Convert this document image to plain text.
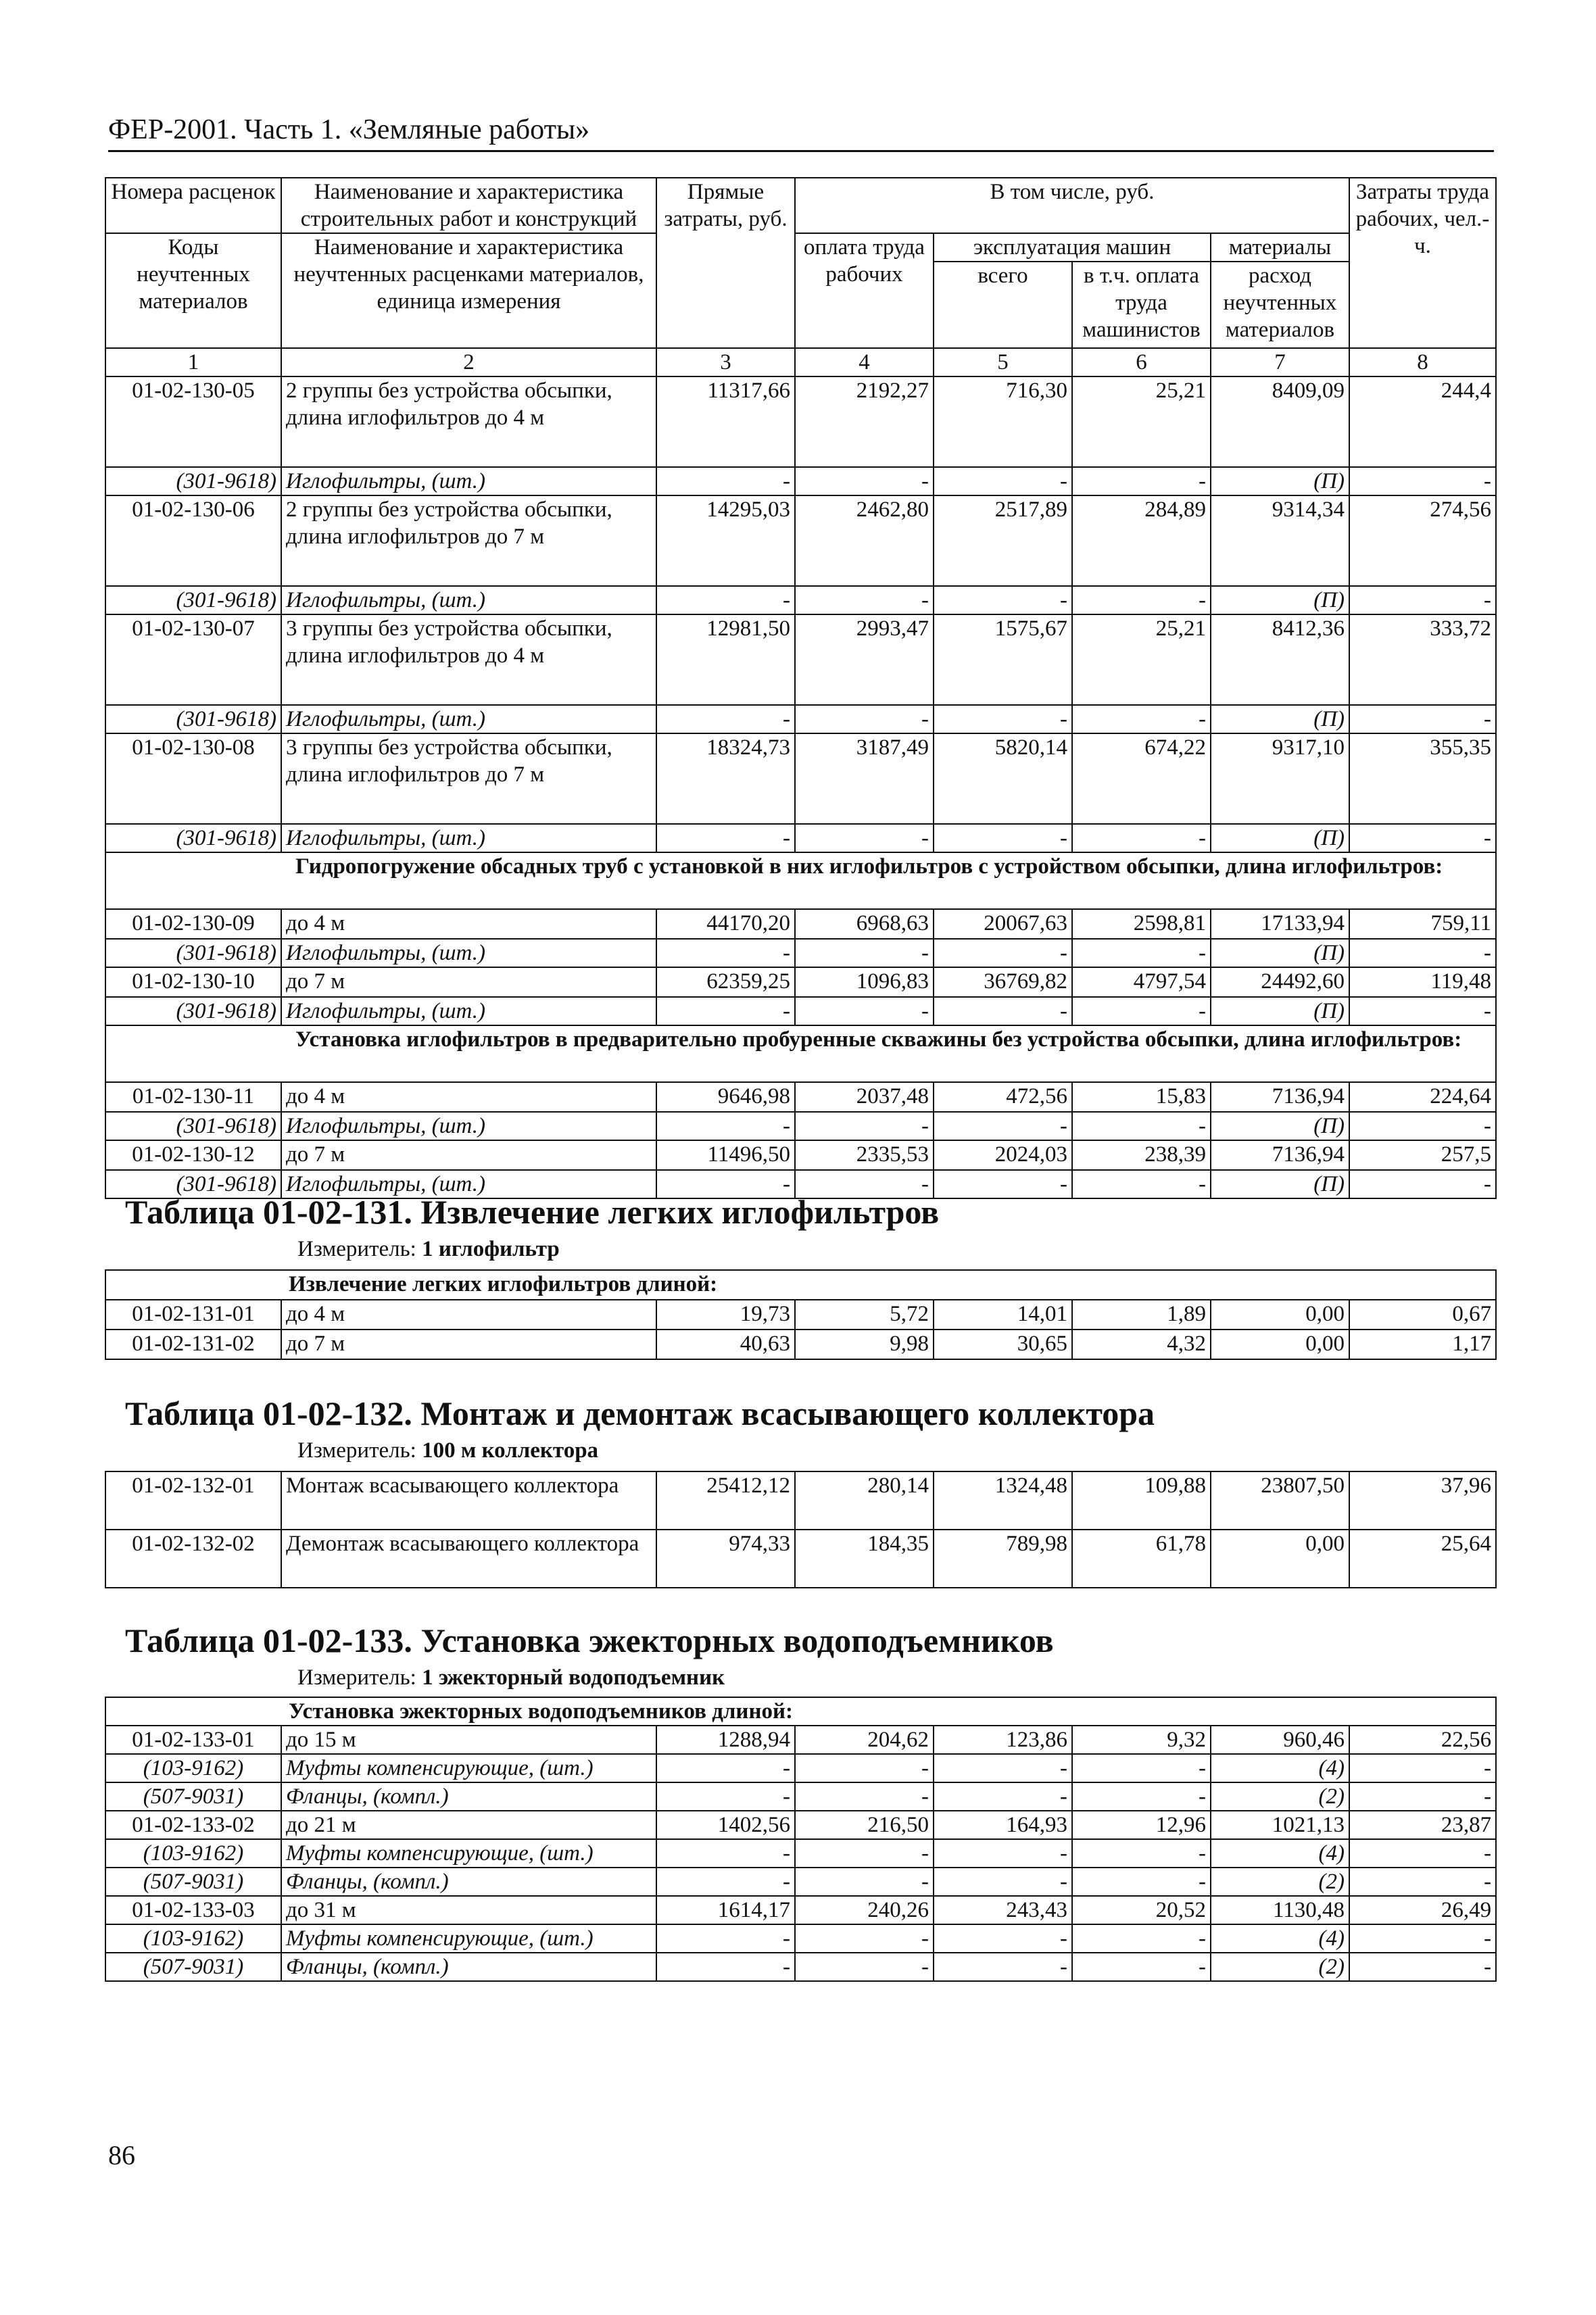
ФЕР-2001. Часть 1. «Земляные работы»
Номера расценок	Наименование и характеристика строительных работ и конструкций	Прямые затраты, руб.	В том числе, руб.				Затраты труда рабочих, чел.-ч.
Коды неучтенных материалов	Наименование и характеристика неучтенных расценками материалов, единица измерения		оплата труда рабочих	эксплуатация машин		материалы	
				всего	в т.ч. оплата труда машинистов	расход неучтенных материалов	
1	2	3	4	5	6	7	8
01-02-130-05	2 группы без устройства обсыпки, длина иглофильтров до 4 м	11317,66	2192,27	716,30	25,21	8409,09	244,4
(301-9618)	Иглофильтры, (шт.)	-	-	-	-	(П)	-
01-02-130-06	2 группы без устройства обсыпки, длина иглофильтров до 7 м	14295,03	2462,80	2517,89	284,89	9314,34	274,56
(301-9618)	Иглофильтры, (шт.)	-	-	-	-	(П)	-
01-02-130-07	3 группы без устройства обсыпки, длина иглофильтров до 4 м	12981,50	2993,47	1575,67	25,21	8412,36	333,72
(301-9618)	Иглофильтры, (шт.)	-	-	-	-	(П)	-
01-02-130-08	3 группы без устройства обсыпки, длина иглофильтров до 7 м	18324,73	3187,49	5820,14	674,22	9317,10	355,35
(301-9618)	Иглофильтры, (шт.)	-	-	-	-	(П)	-
Гидропогружение обсадных труб с установкой в них иглофильтров с устройством обсыпки, длина иглофильтров:							
01-02-130-09	до 4 м	44170,20	6968,63	20067,63	2598,81	17133,94	759,11
(301-9618)	Иглофильтры, (шт.)	-	-	-	-	(П)	-
01-02-130-10	до 7 м	62359,25	1096,83	36769,82	4797,54	24492,60	119,48
(301-9618)	Иглофильтры, (шт.)	-	-	-	-	(П)	-
Установка иглофильтров в предварительно пробуренные скважины без устройства обсыпки, длина иглофильтров:							
01-02-130-11	до 4 м	9646,98	2037,48	472,56	15,83	7136,94	224,64
(301-9618)	Иглофильтры, (шт.)	-	-	-	-	(П)	-
01-02-130-12	до 7 м	11496,50	2335,53	2024,03	238,39	7136,94	257,5
(301-9618)	Иглофильтры, (шт.)	-	-	-	-	(П)	-
Таблица 01-02-131. Извлечение легких иглофильтров
Измеритель: 1 иглофильтр
Извлечение легких иглофильтров длиной:							
01-02-131-01	до 4 м	19,73	5,72	14,01	1,89	0,00	0,67
01-02-131-02	до 7 м	40,63	9,98	30,65	4,32	0,00	1,17
Таблица 01-02-132. Монтаж и демонтаж всасывающего коллектора
Измеритель: 100 м коллектора
01-02-132-01	Монтаж всасывающего коллектора	25412,12	280,14	1324,48	109,88	23807,50	37,96
01-02-132-02	Демонтаж всасывающего коллектора	974,33	184,35	789,98	61,78	0,00	25,64
Таблица 01-02-133. Установка эжекторных водоподъемников
Измеритель: 1 эжекторный водоподъемник
Установка эжекторных водоподъемников длиной:							
01-02-133-01	до 15 м	1288,94	204,62	123,86	9,32	960,46	22,56
(103-9162)	Муфты компенсирующие, (шт.)	-	-	-	-	(4)	-
(507-9031)	Фланцы, (компл.)	-	-	-	-	(2)	-
01-02-133-02	до 21 м	1402,56	216,50	164,93	12,96	1021,13	23,87
(103-9162)	Муфты компенсирующие, (шт.)	-	-	-	-	(4)	-
(507-9031)	Фланцы, (компл.)	-	-	-	-	(2)	-
01-02-133-03	до 31 м	1614,17	240,26	243,43	20,52	1130,48	26,49
(103-9162)	Муфты компенсирующие, (шт.)	-	-	-	-	(4)	-
(507-9031)	Фланцы, (компл.)	-	-	-	-	(2)	-
86
